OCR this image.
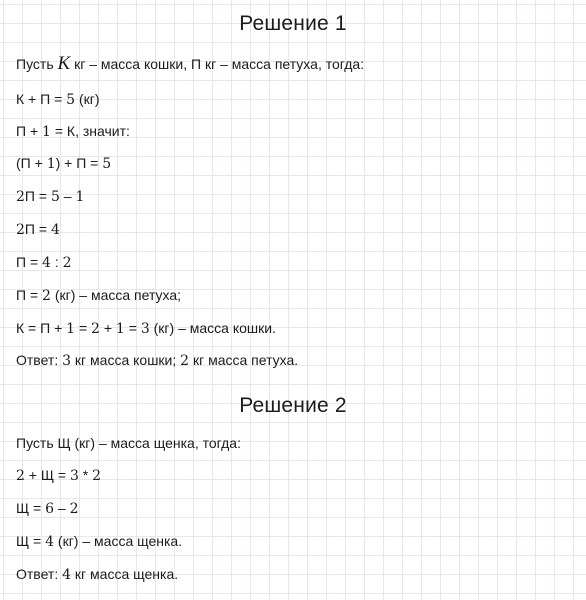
Решение 1

Пусть K кг – масса кошки, П кг – масса петуха, тогда:

К + П = 5 (кг)

П + 1 = К, значит:

(П + 1) + П = 5

2П = 5 – 1

2П = 4

П = 4 : 2

П = 2 (кг) – масса петуха;

К = П + 1 = 2 + 1 = 3 (кг) – масса кошки.

Ответ: 3 кг масса кошки; 2 кг масса петуха.

Решение 2

Пусть Щ (кг) – масса щенка, тогда:

2 + Щ = 3 * 2

Щ = 6 – 2

Щ = 4 (кг) – масса щенка.

Ответ: 4 кг масса щенка.
